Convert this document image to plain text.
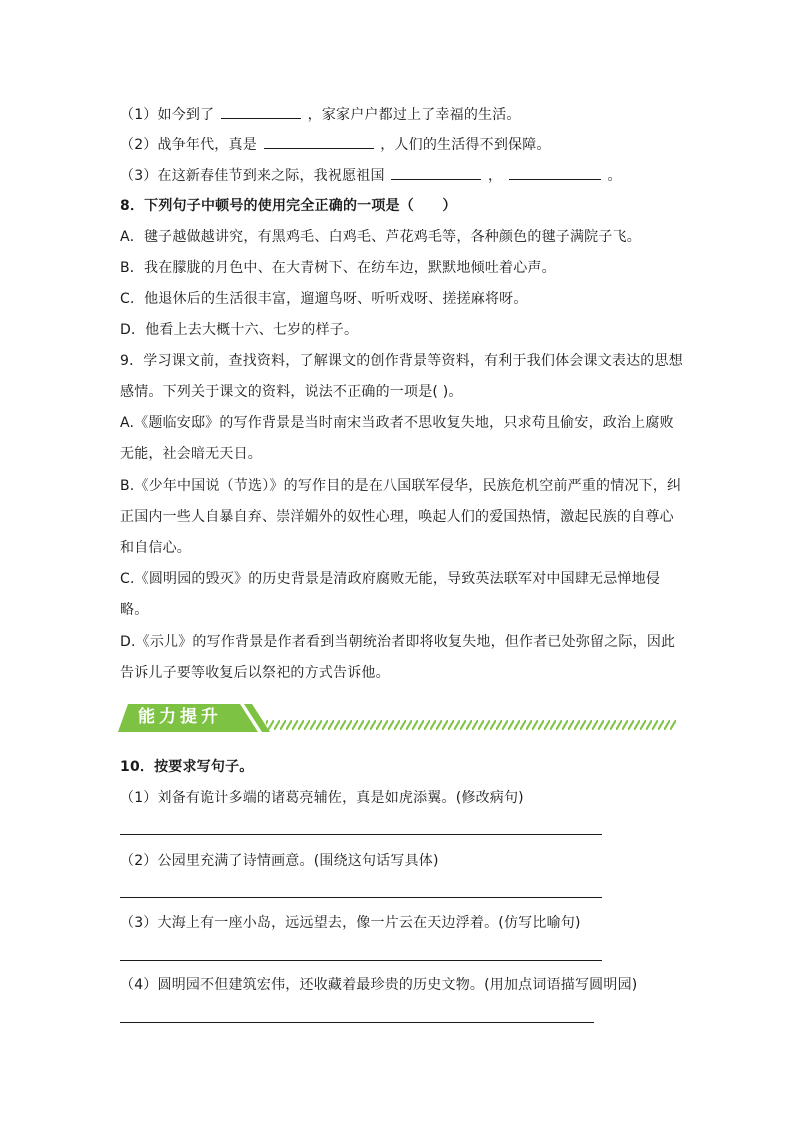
（1）如今到了	，家家户户都过上了幸福的生活。
（2）战争年代，真是	，人们的生活得不到保障。
（3）在这新春佳节到来之际，我祝愿祖国	，	。
8．下列句子中顿号的使用完全正确的一项是（　　）
A．毽子越做越讲究，有黑鸡毛、白鸡毛、芦花鸡毛等，各种颜色的毽子满院子飞。
B．我在朦胧的月色中、在大青树下、在纺车边，默默地倾吐着心声。
C．他退休后的生活很丰富，遛遛鸟呀、听听戏呀、搓搓麻将呀。
D．他看上去大概十六、七岁的样子。
9．学习课文前，查找资料，了解课文的创作背景等资料，有利于我们体会课文表达的思想
感情。下列关于课文的资料，说法不正确的一项是( )。
A.《题临安邸》的写作背景是当时南宋当政者不思收复失地，只求苟且偷安，政治上腐败
无能，社会暗无天日。
B.《少年中国说（节选）》的写作目的是在八国联军侵华，民族危机空前严重的情况下，纠
正国内一些人自暴自弃、崇洋媚外的奴性心理，唤起人们的爱国热情，激起民族的自尊心
和自信心。
C.《圆明园的毁灭》的历史背景是清政府腐败无能，导致英法联军对中国肆无忌惮地侵
略。
D.《示儿》的写作背景是作者看到当朝统治者即将收复失地，但作者已处弥留之际，因此
告诉儿子要等收复后以祭祀的方式告诉他。
能力提升
10．按要求写句子。
（1）刘备有诡计多端的诸葛亮辅佐，真是如虎添翼。(修改病句)
（2）公园里充满了诗情画意。(围绕这句话写具体)
（3）大海上有一座小岛，远远望去，像一片云在天边浮着。(仿写比喻句)
（4）圆明园不但建筑宏伟，还收藏着最珍贵的历史文物。(用加点词语描写圆明园)
